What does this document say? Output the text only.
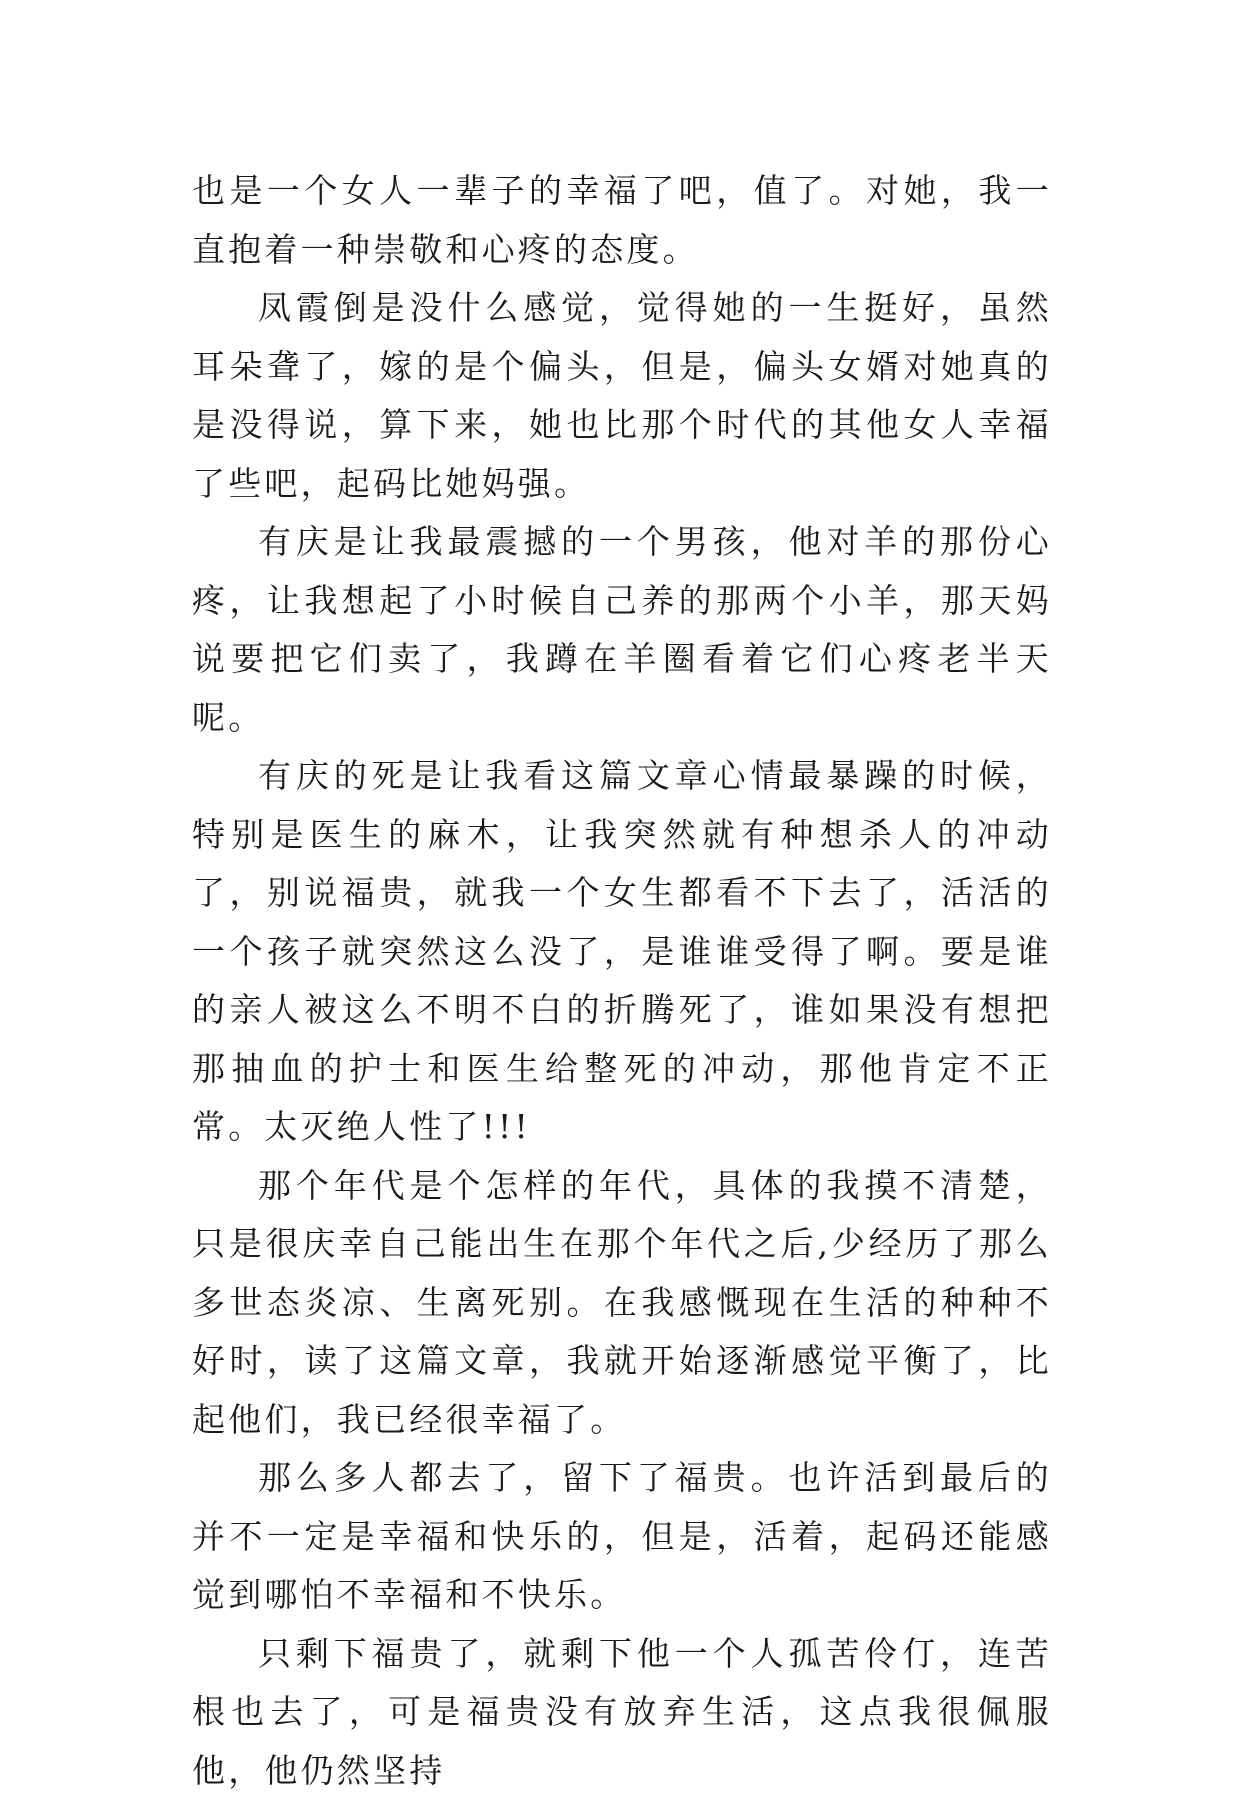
也是一个女人一辈子的幸福了吧，值了。对她，我一直抱着一种崇敬和心疼的态度。

凤霞倒是没什么感觉，觉得她的一生挺好，虽然耳朵聋了，嫁的是个偏头，但是，偏头女婿对她真的是没得说，算下来，她也比那个时代的其他女人幸福了些吧，起码比她妈强。

有庆是让我最震撼的一个男孩，他对羊的那份心疼，让我想起了小时候自己养的那两个小羊，那天妈说要把它们卖了，我蹲在羊圈看着它们心疼老半天呢。

有庆的死是让我看这篇文章心情最暴躁的时候，特别是医生的麻木，让我突然就有种想杀人的冲动了，别说福贵，就我一个女生都看不下去了，活活的一个孩子就突然这么没了，是谁谁受得了啊。要是谁的亲人被这么不明不白的折腾死了，谁如果没有想把那抽血的护士和医生给整死的冲动，那他肯定不正常。太灭绝人性了!!!

那个年代是个怎样的年代，具体的我摸不清楚，只是很庆幸自己能出生在那个年代之后,少经历了那么多世态炎凉、生离死别。在我感慨现在生活的种种不好时，读了这篇文章，我就开始逐渐感觉平衡了，比起他们，我已经很幸福了。

那么多人都去了，留下了福贵。也许活到最后的并不一定是幸福和快乐的，但是，活着，起码还能感觉到哪怕不幸福和不快乐。

只剩下福贵了，就剩下他一个人孤苦伶仃，连苦根也去了，可是福贵没有放弃生活，这点我很佩服他，他仍然坚持
